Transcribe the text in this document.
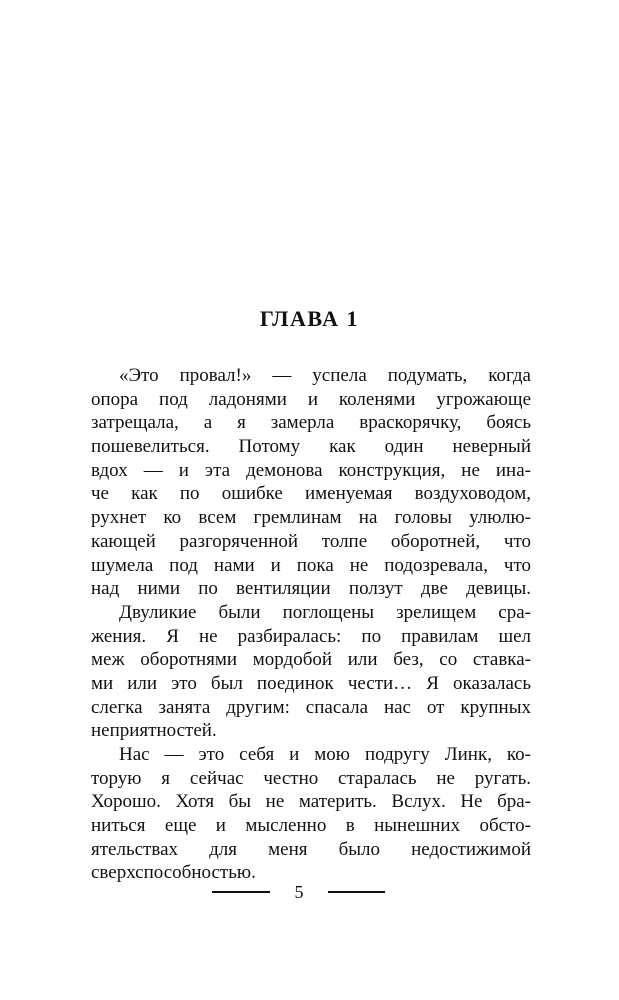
ГЛАВА 1
«Это провал!» — успела подумать, когда
опора под ладонями и коленями угрожающе
затрещала, а я замерла враскорячку, боясь
пошевелиться. Потому как один неверный
вдох — и эта демонова конструкция, не ина-
че как по ошибке именуемая воздуховодом,
рухнет ко всем гремлинам на головы улюлю-
кающей разгоряченной толпе оборотней, что
шумела под нами и пока не подозревала, что
над ними по вентиляции ползут две девицы.
Двуликие были поглощены зрелищем сра-
жения. Я не разбиралась: по правилам шел
меж оборотнями мордобой или без, со ставка-
ми или это был поединок чести… Я оказалась
слегка занята другим: спасала нас от крупных
неприятностей.
Нас — это себя и мою подругу Линк, ко-
торую я сейчас честно старалась не ругать.
Хорошо. Хотя бы не материть. Вслух. Не бра-
ниться еще и мысленно в нынешних обсто-
ятельствах для меня было недостижимой
сверхспособностью.
5
